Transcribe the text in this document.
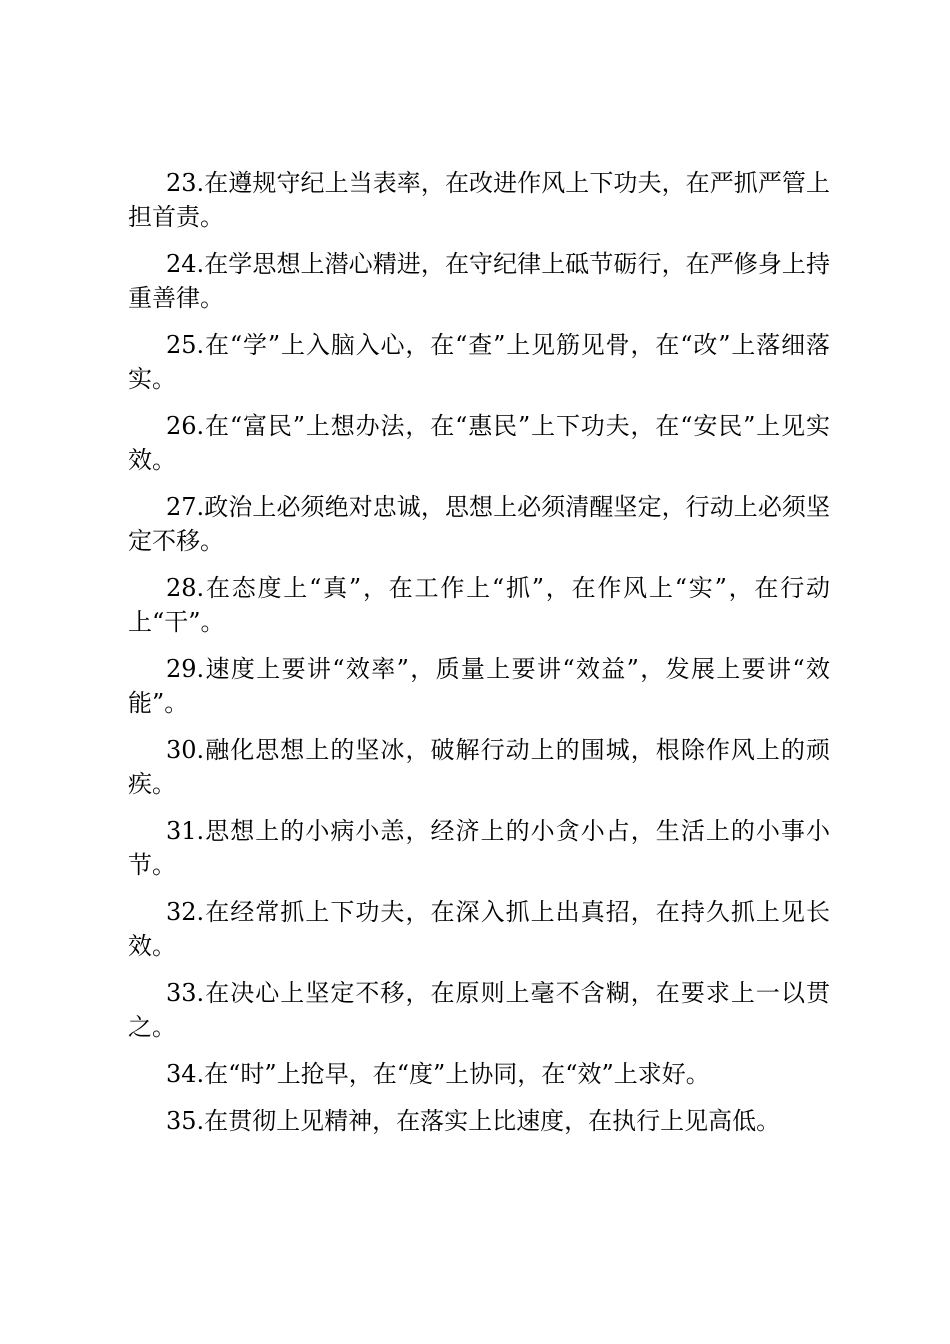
23.在遵规守纪上当表率，在改进作风上下功夫，在严抓严管上担首责。

24.在学思想上潜心精进，在守纪律上砥节砺行，在严修身上持重善律。

25.在“学”上入脑入心，在“查”上见筋见骨，在“改”上落细落实。

26.在“富民”上想办法，在“惠民”上下功夫，在“安民”上见实效。

27.政治上必须绝对忠诚，思想上必须清醒坚定，行动上必须坚定不移。

28.在态度上“真”，在工作上“抓”，在作风上“实”，在行动上“干”。

29.速度上要讲“效率”，质量上要讲“效益”，发展上要讲“效能”。

30.融化思想上的坚冰，破解行动上的围城，根除作风上的顽疾。

31.思想上的小病小恙，经济上的小贪小占，生活上的小事小节。

32.在经常抓上下功夫，在深入抓上出真招，在持久抓上见长效。

33.在决心上坚定不移，在原则上毫不含糊，在要求上一以贯之。

34.在“时”上抢早，在“度”上协同，在“效”上求好。

35.在贯彻上见精神，在落实上比速度，在执行上见高低。
